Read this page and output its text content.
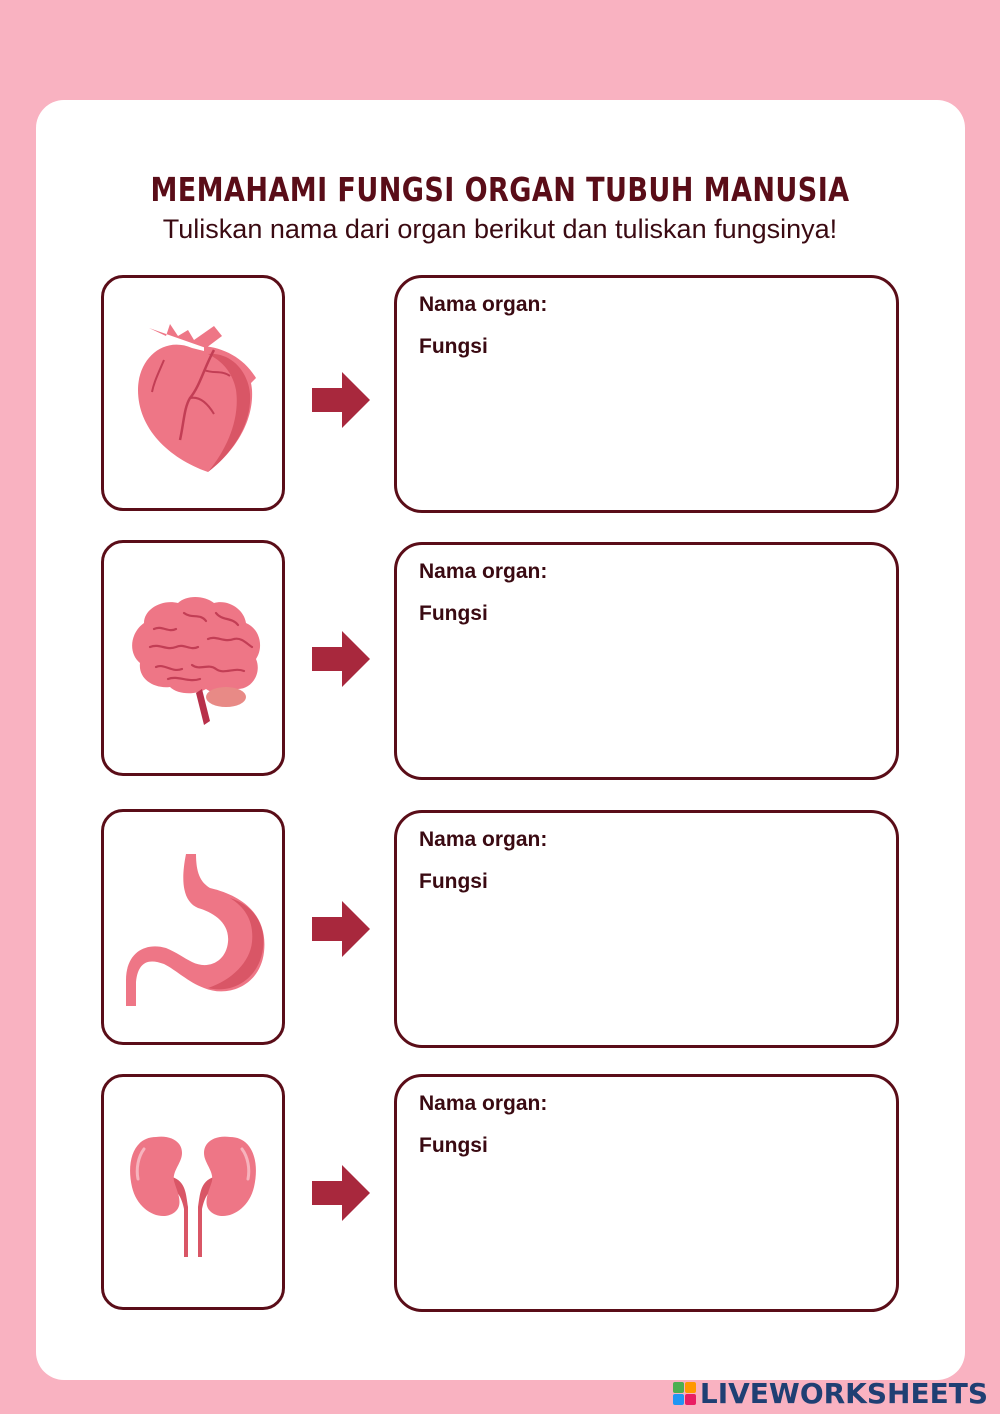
MEMAHAMI FUNGSI ORGAN TUBUH MANUSIA

Tuliskan nama dari organ berikut dan tuliskan fungsinya!

Nama organ:
Fungsi
Nama organ:
Fungsi
Nama organ:
Fungsi
Nama organ:
Fungsi
LIVEWORKSHEETS
